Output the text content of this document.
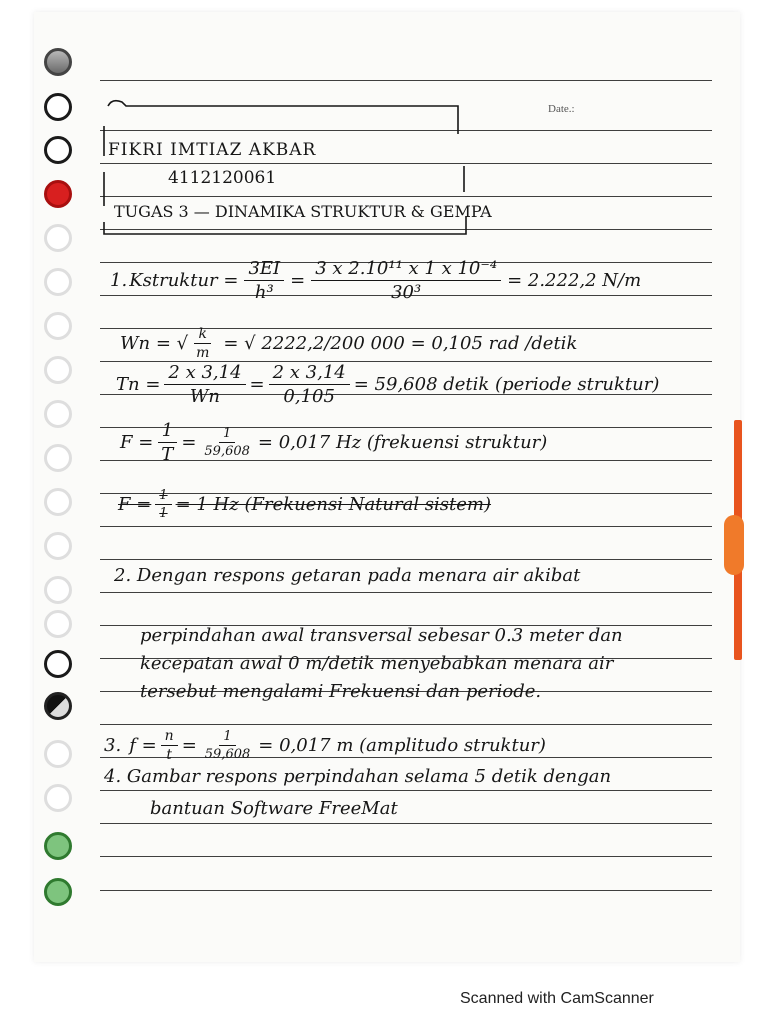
Date.:
FIKRI IMTIAZ AKBAR
4112120061
TUGAS 3 — DINAMIKA STRUKTUR & GEMPA
1. Kstruktur = $\frac{3EI}{\text{h³}} = \frac{\text{3 x 2.10¹¹ x 1 x 10⁻⁴}}{\text{30³}} = 2.222,2$ N/m
Wn = √ $\frac{k}{m}$ = √ 2222,2/200 000 = 0,105 rad /detik
$Tn = \frac{2 x 3,14}{Wn} = \frac{2 x 3,14}{0,105} = 59,608$ detik (periode struktur)
$F = \frac{1}{T} = \frac{1}{59,608} = 0,017$ Hz (frekuensi struktur)
$F = \frac{1}{1} = 1$ Hz (Frekuensi Natural sistem)
2. Dengan respons getaran pada menara air akibat
perpindahan awal transversal sebesar 0.3 meter dan
kecepatan awal 0 m/detik menyebabkan menara air
tersebut mengalami Frekuensi dan periode.
3. $f = \frac{n}{t} = \frac{1}{59,608} = 0,017$ m (amplitudo struktur)
4. Gambar respons perpindahan selama 5 detik dengan
bantuan Software FreeMat
Scanned with CamScanner
